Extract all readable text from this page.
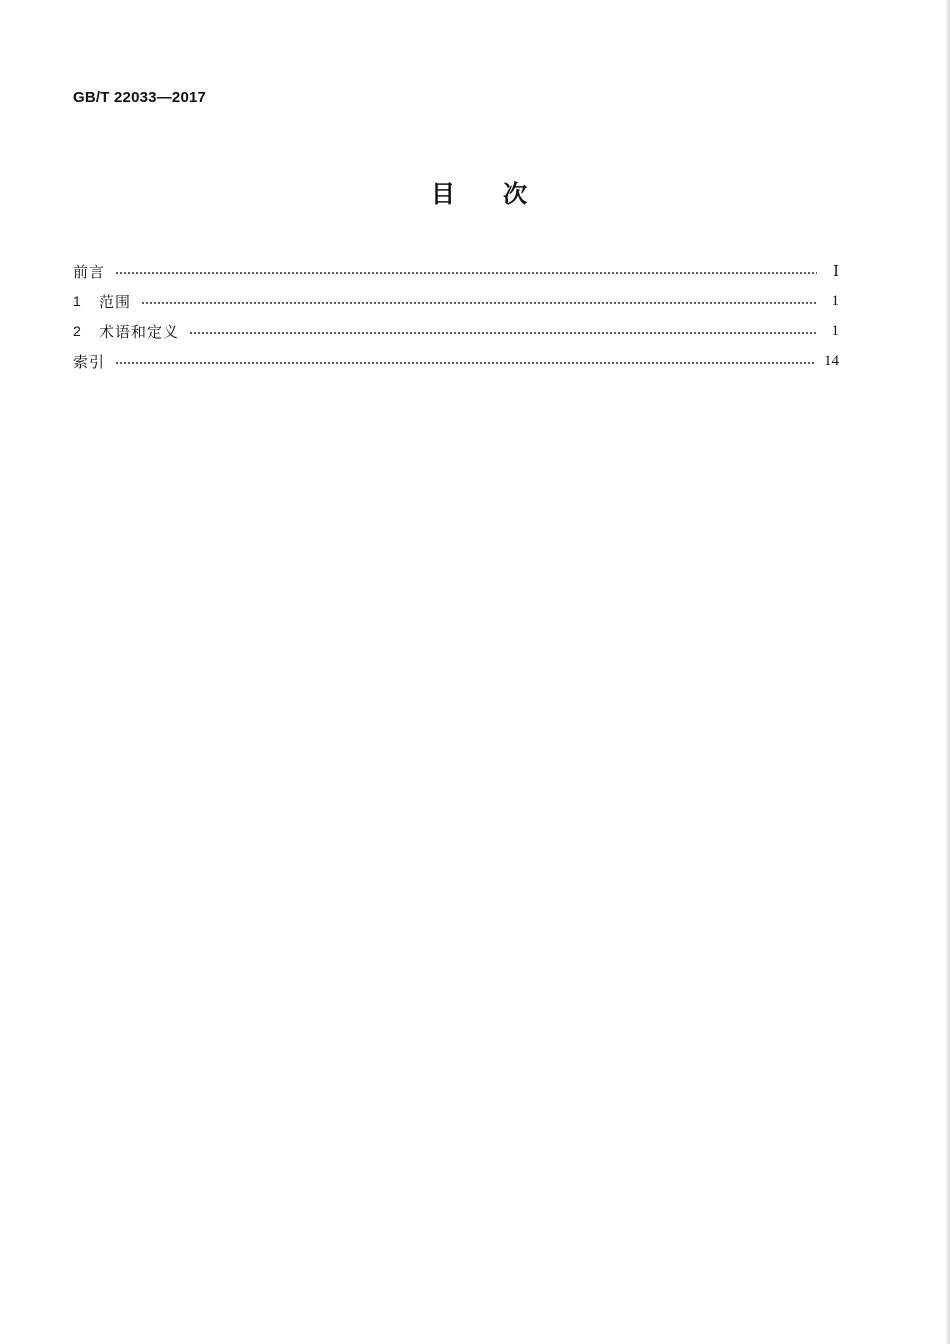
GB/T 22033—2017
目次
前言	Ⅰ
1	范围	1
2	术语和定义	1
索引	14
